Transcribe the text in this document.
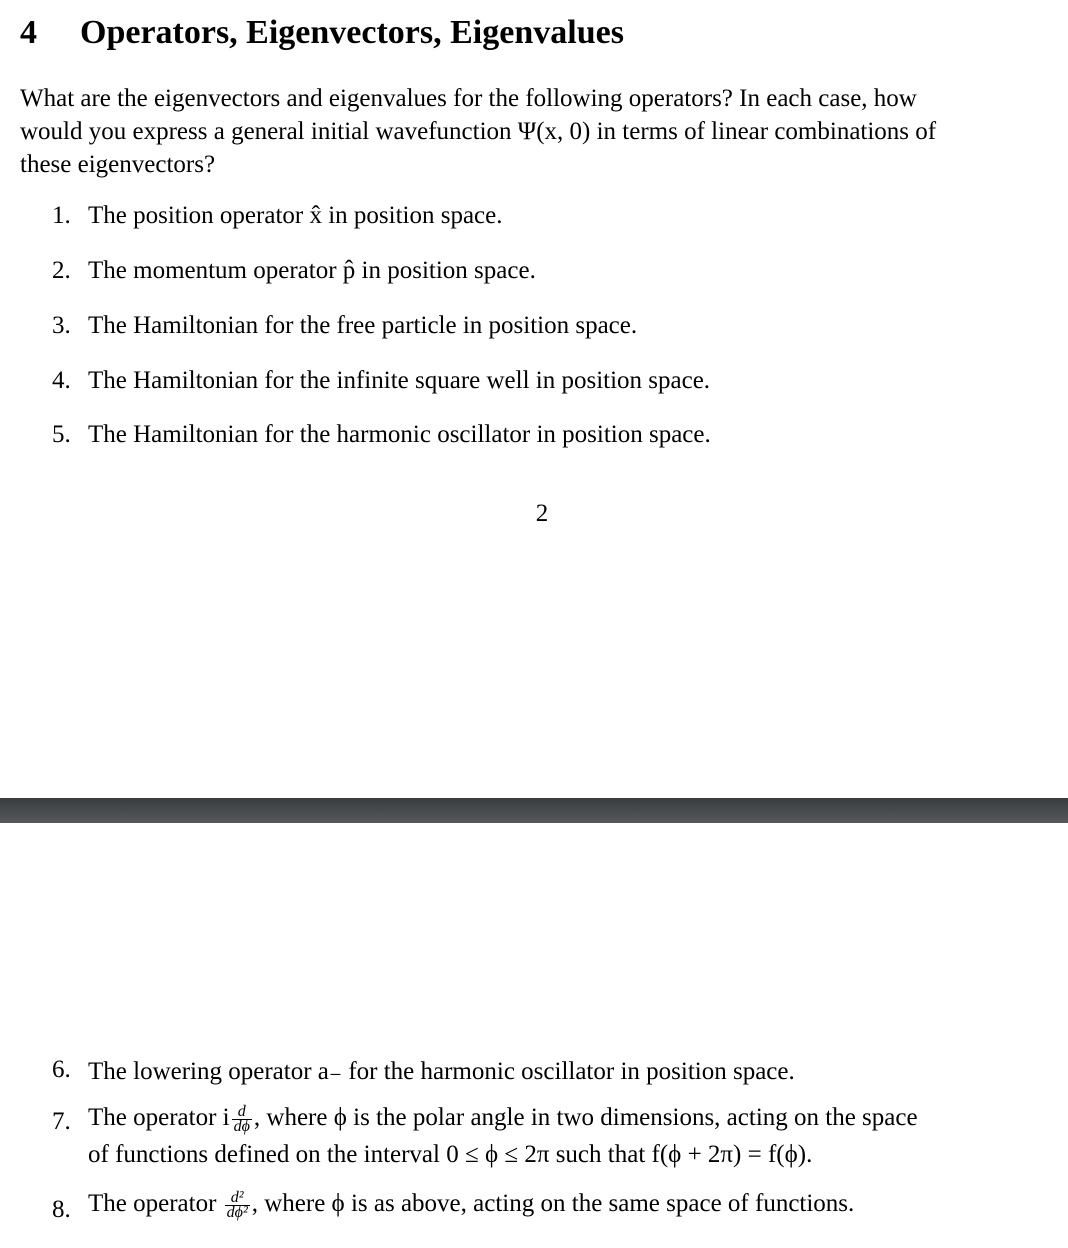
4 Operators, Eigenvectors, Eigenvalues
What are the eigenvectors and eigenvalues for the following operators? In each case, how
would you express a general initial wavefunction Ψ(x, 0) in terms of linear combinations of
these eigenvectors?
1. The position operator x̂ in position space.
2. The momentum operator p̂ in position space.
3. The Hamiltonian for the free particle in position space.
4. The Hamiltonian for the infinite square well in position space.
5. The Hamiltonian for the harmonic oscillator in position space.
2
6. The lowering operator a₋ for the harmonic oscillator in position space.
7. The operator i $\frac{d}{d\phi}$ , where ϕ is the polar angle in two dimensions, acting on the space
of functions defined on the interval 0 ≤ ϕ ≤ 2π such that f(ϕ + 2π) = f(ϕ).
8. The operator $\frac{\text{d²}}{\text{dϕ²}}$ , where ϕ is as above, acting on the same space of functions.
